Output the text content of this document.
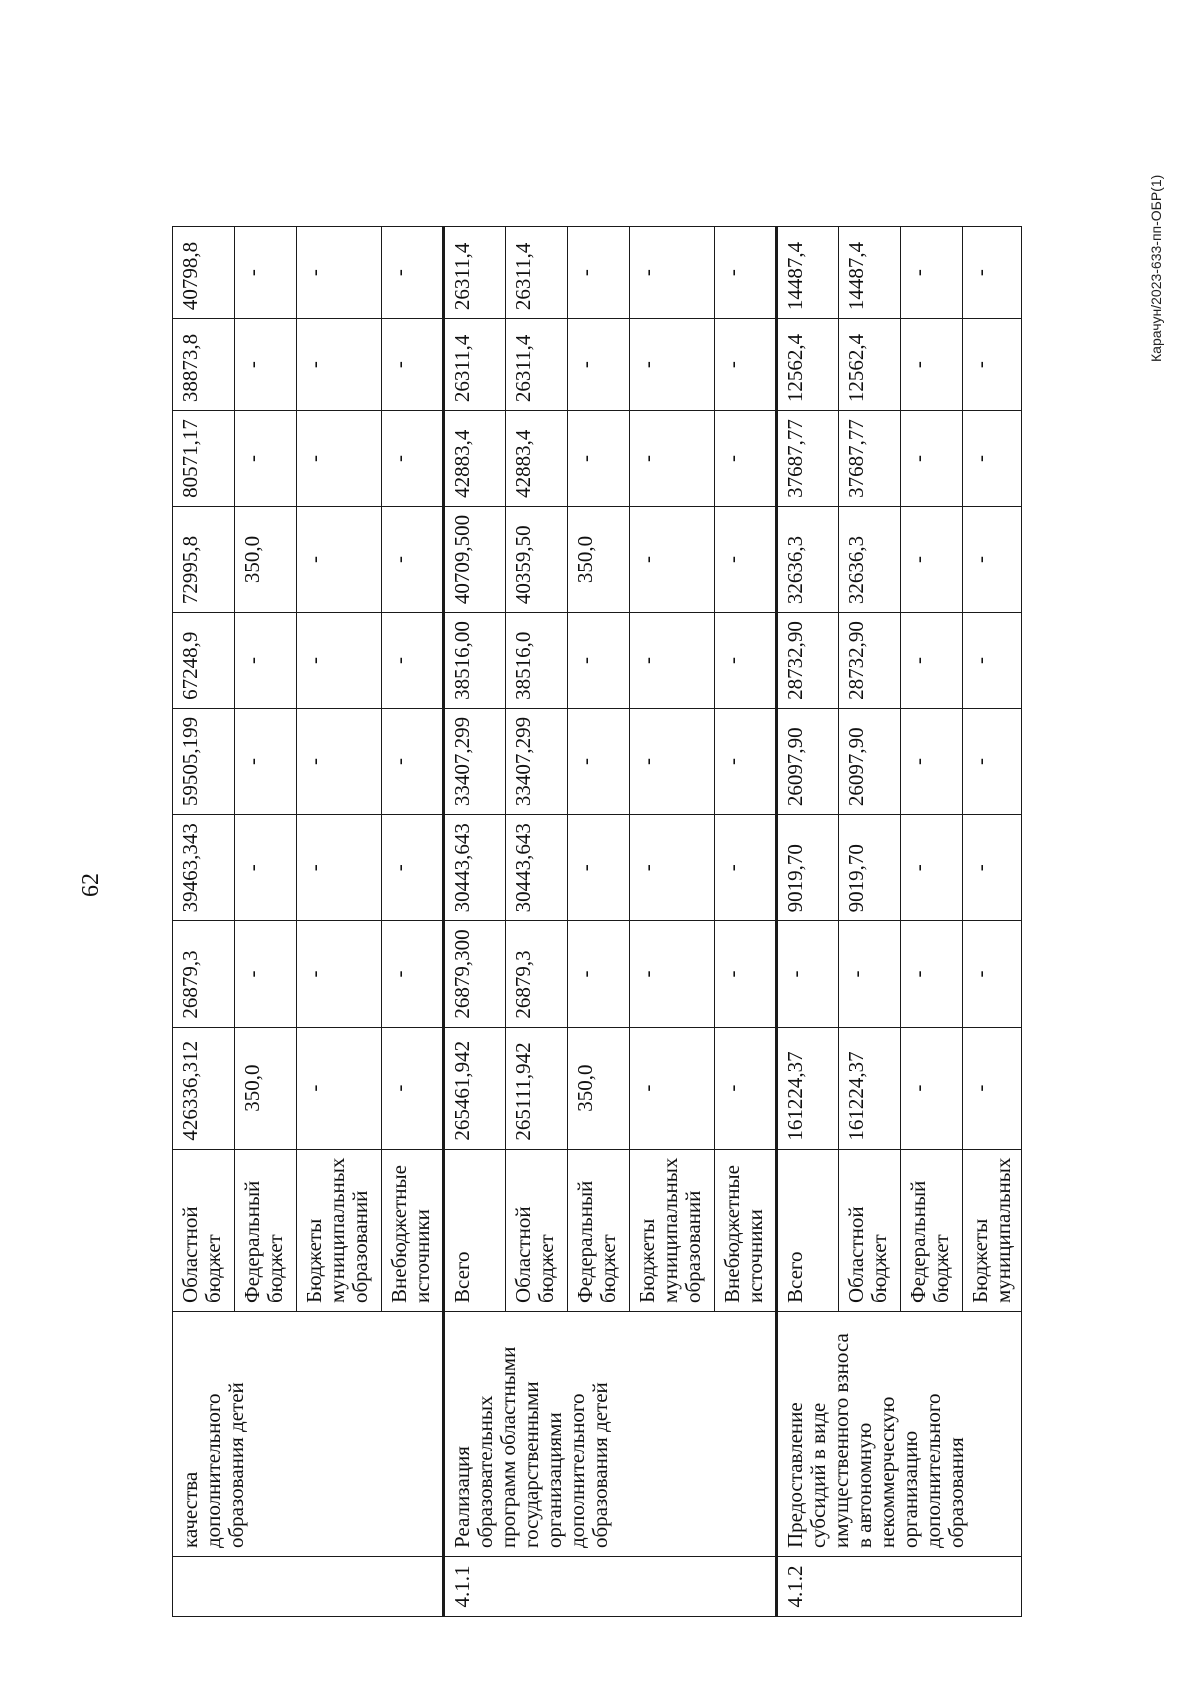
62
	качества дополнительного образования детей	Областной бюджет	426336,312	26879,3	39463,343	59505,199	67248,9	72995,8	80571,17	38873,8	40798,8
		Федеральный бюджет	350,0	-	-	-	-	350,0	-	-	-
		Бюджеты муниципальных образований	-	-	-	-	-	-	-	-	-
		Внебюджетные источники	-	-	-	-	-	-	-	-	-
4.1.1	Реализация образовательных программ областными государственными организациями дополнительного образования детей	Всего	265461,942	26879,300	30443,643	33407,299	38516,00	40709,500	42883,4	26311,4	26311,4
		Областной бюджет	265111,942	26879,3	30443,643	33407,299	38516,0	40359,50	42883,4	26311,4	26311,4
		Федеральный бюджет	350,0	-	-	-	-	350,0	-	-	-
		Бюджеты муниципальных образований	-	-	-	-	-	-	-	-	-
		Внебюджетные источники	-	-	-	-	-	-	-	-	-
4.1.2	Предоставление субсидий в виде имущественного взноса в автономную некоммерческую организацию дополнительного образования	Всего	161224,37	-	9019,70	26097,90	28732,90	32636,3	37687,77	12562,4	14487,4
		Областной бюджет	161224,37	-	9019,70	26097,90	28732,90	32636,3	37687,77	12562,4	14487,4
		Федеральный бюджет	-	-	-	-	-	-	-	-	-
		Бюджеты муниципальных	-	-	-	-	-	-	-	-	-	Карачун/2023-633-пп-ОБР(1)
